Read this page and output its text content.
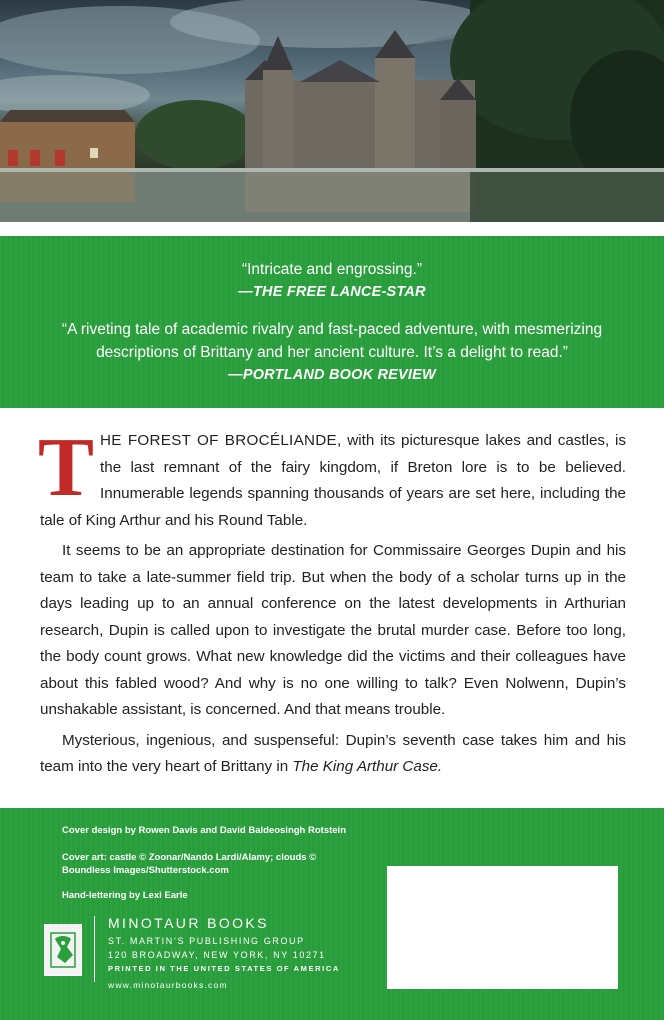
“Intricate and engrossing.”
—THE FREE LANCE-STAR
“A riveting tale of academic rivalry and fast-paced adventure, with mesmerizing descriptions of Brittany and her ancient culture. It’s a delight to read.”
—PORTLAND BOOK REVIEW

THE FOREST OF BROCÉLIANDE, with its picturesque lakes and castles, is the last remnant of the fairy kingdom, if Breton lore is to be believed. Innumerable legends spanning thousands of years are set here, including the tale of King Arthur and his Round Table.

It seems to be an appropriate destination for Commissaire Georges Dupin and his team to take a late-summer field trip. But when the body of a scholar turns up in the days leading up to an annual conference on the latest developments in Arthurian research, Dupin is called upon to investigate the brutal murder case. Before too long, the body count grows. What new knowledge did the victims and their colleagues have about this fabled wood? And why is no one willing to talk? Even Nolwenn, Dupin’s unshakable assistant, is concerned. And that means trouble.

Mysterious, ingenious, and suspenseful: Dupin’s seventh case takes him and his team into the very heart of Brittany in The King Arthur Case.

Cover design by Rowen Davis and David Baldeosingh Rotstein
Cover art: castle © Zoonar/Nando Lardi/Alamy; clouds © Boundless Images/Shutterstock.com
Hand-lettering by Lexi Earle
MINOTAUR BOOKS
ST. MARTIN’S PUBLISHING GROUP
120 BROADWAY, NEW YORK, NY 10271
PRINTED IN THE UNITED STATES OF AMERICA
www.minotaurbooks.com
